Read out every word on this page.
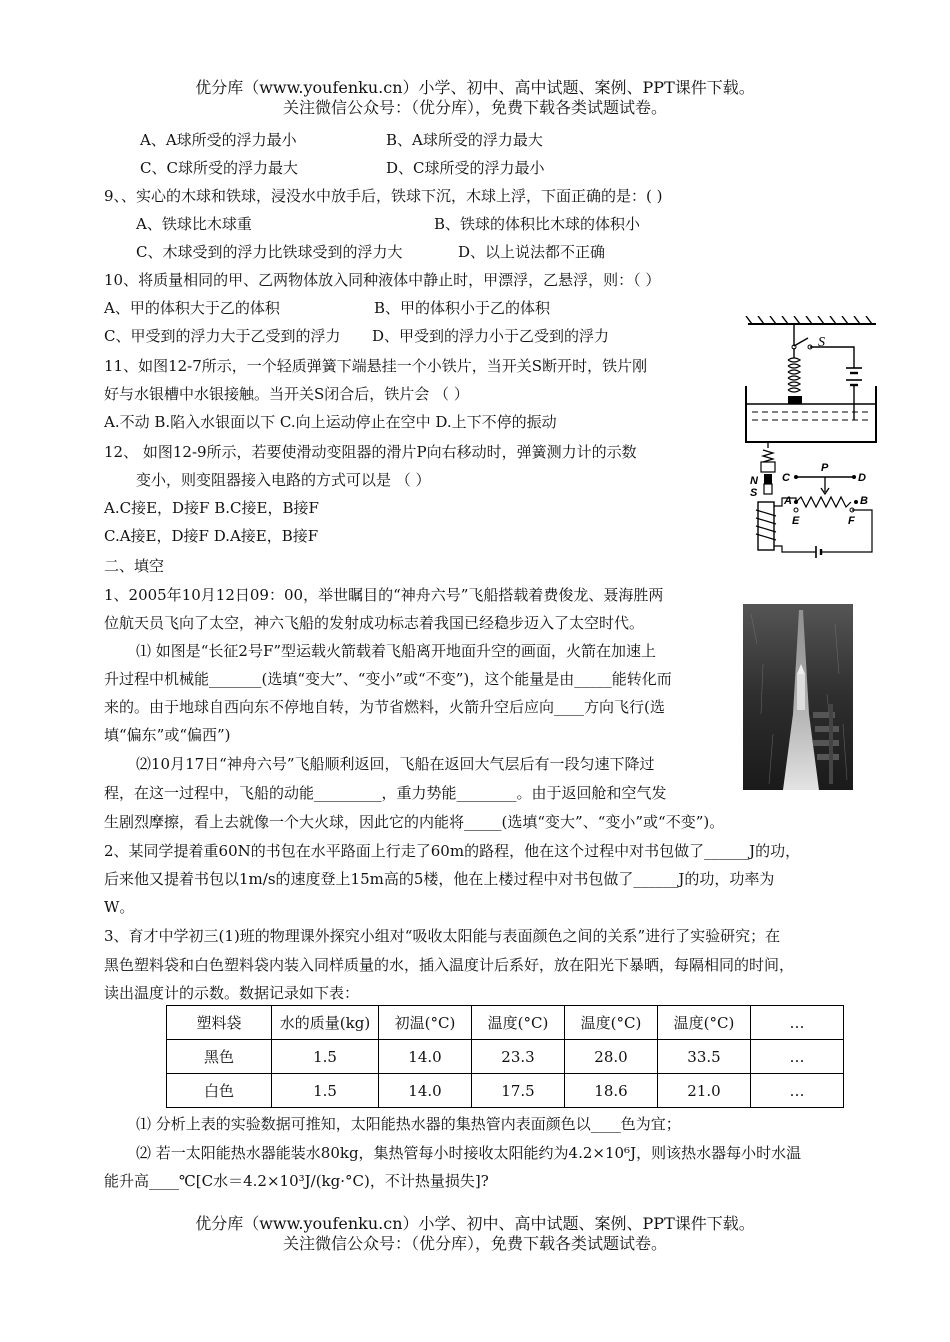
优分库（www.youfenku.cn）小学、初中、高中试题、案例、PPT课件下载。
关注微信公众号：（优分库），免费下载各类试题试卷。
A、A球所受的浮力最小	B、A球所受的浮力最大
C、C球所受的浮力最大	D、C球所受的浮力最小
9、、实心的木球和铁球，浸没水中放手后，铁球下沉，木球上浮，下面正确的是：( )
A、铁球比木球重	B、铁球的体积比木球的体积小
C、木球受到的浮力比铁球受到的浮力大	D、以上说法都不正确
10、将质量相同的甲、乙两物体放入同种液体中静止时，甲漂浮，乙悬浮，则：（ ）
A、甲的体积大于乙的体积	B、甲的体积小于乙的体积
C、甲受到的浮力大于乙受到的浮力 D、甲受到的浮力小于乙受到的浮力
11、如图12-7所示，一个轻质弹簧下端悬挂一个小铁片，当开关S断开时，铁片刚
好与水银槽中水银接触。当开关S闭合后，铁片会 （ ）
A.不动 B.陷入水银面以下 C.向上运动停止在空中 D.上下不停的振动
12、 如图12-9所示，若要使滑动变阻器的滑片P向右移动时，弹簧测力计的示数
变小，则变阻器接入电路的方式可以是 （ ）
A.C接E，D接F B.C接E，B接F
C.A接E，D接F D.A接E，B接F
二、填空
1、2005年10月12日09：00，举世瞩目的“神舟六号”飞船搭载着费俊龙、聂海胜两
位航天员飞向了太空，神六飞船的发射成功标志着我国已经稳步迈入了太空时代。
⑴ 如图是“长征2号F”型运载火箭载着飞船离开地面升空的画面，火箭在加速上
升过程中机械能_______(选填“变大”、“变小”或“不变”)，这个能量是由_____能转化而
来的。由于地球自西向东不停地自转，为节省燃料，火箭升空后应向____方向飞行(选
填“偏东”或“偏西”)
⑵10月17日“神舟六号”飞船顺利返回，飞船在返回大气层后有一段匀速下降过
程，在这一过程中，飞船的动能_________，重力势能________。由于返回舱和空气发
生剧烈摩擦，看上去就像一个大火球，因此它的内能将_____(选填“变大”、“变小”或“不变”)。
2、某同学提着重60N的书包在水平路面上行走了60m的路程，他在这个过程中对书包做了______J的功，
后来他又提着书包以1m/s的速度登上15m高的5楼，他在上楼过程中对书包做了______J的功，功率为
W。
3、育才中学初三(1)班的物理课外探究小组对“吸收太阳能与表面颜色之间的关系”进行了实验研究；在
黑色塑料袋和白色塑料袋内装入同样质量的水，插入温度计后系好，放在阳光下暴晒，每隔相同的时间，
读出温度计的示数。数据记录如下表：
塑料袋	水的质量(kg)	初温(°C)	温度(°C)	温度(°C)	温度(°C)	…
黑色	1.5	14.0	23.3	28.0	33.5	…
白色	1.5	14.0	17.5	18.6	21.0	…
⑴ 分析上表的实验数据可推知，太阳能热水器的集热管内表面颜色以____色为宜；
⑵ 若一太阳能热水器能装水80kg，集热管每小时接收太阳能约为4.2×10⁶J，则该热水器每小时水温
能升高____℃[C水＝4.2×10³J/(kg·°C)，不计热量损失]?
优分库（www.youfenku.cn）小学、初中、高中试题、案例、PPT课件下载。
关注微信公众号：（优分库），免费下载各类试题试卷。
S
N
S
C	D
P
A	B
E	F
